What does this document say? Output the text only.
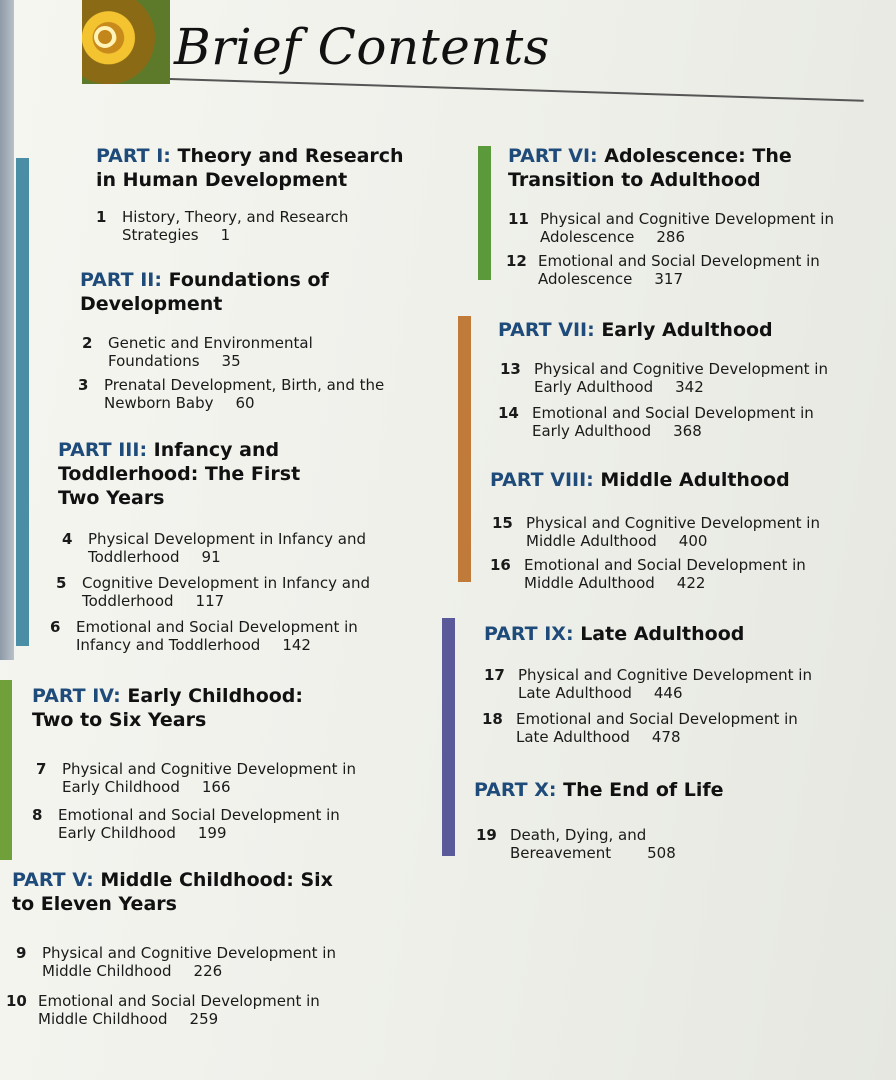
Brief Contents
PART I: Theory and Research in Human Development
1 History, Theory, and Research
Strategies 1
PART II: Foundations of Development
2 Genetic and Environmental
Foundations 35
3 Prenatal Development, Birth, and the
Newborn Baby 60
PART III: Infancy and Toddlerhood: The First Two Years
4 Physical Development in Infancy and
Toddlerhood 91
5 Cognitive Development in Infancy and
Toddlerhood 117
6 Emotional and Social Development in
Infancy and Toddlerhood 142
PART IV: Early Childhood: Two to Six Years
7 Physical and Cognitive Development in
Early Childhood 166
8 Emotional and Social Development in
Early Childhood 199
PART V: Middle Childhood: Six to Eleven Years
9 Physical and Cognitive Development in
Middle Childhood 226
10 Emotional and Social Development in
Middle Childhood 259
PART VI: Adolescence: The Transition to Adulthood
11 Physical and Cognitive Development in
Adolescence 286
12 Emotional and Social Development in
Adolescence 317
PART VII: Early Adulthood
13 Physical and Cognitive Development in
Early Adulthood 342
14 Emotional and Social Development in
Early Adulthood 368
PART VIII: Middle Adulthood
15 Physical and Cognitive Development in
Middle Adulthood 400
16 Emotional and Social Development in
Middle Adulthood 422
PART IX: Late Adulthood
17 Physical and Cognitive Development in
Late Adulthood 446
18 Emotional and Social Development in
Late Adulthood 478
PART X: The End of Life
19 Death, Dying, and
Bereavement 508
